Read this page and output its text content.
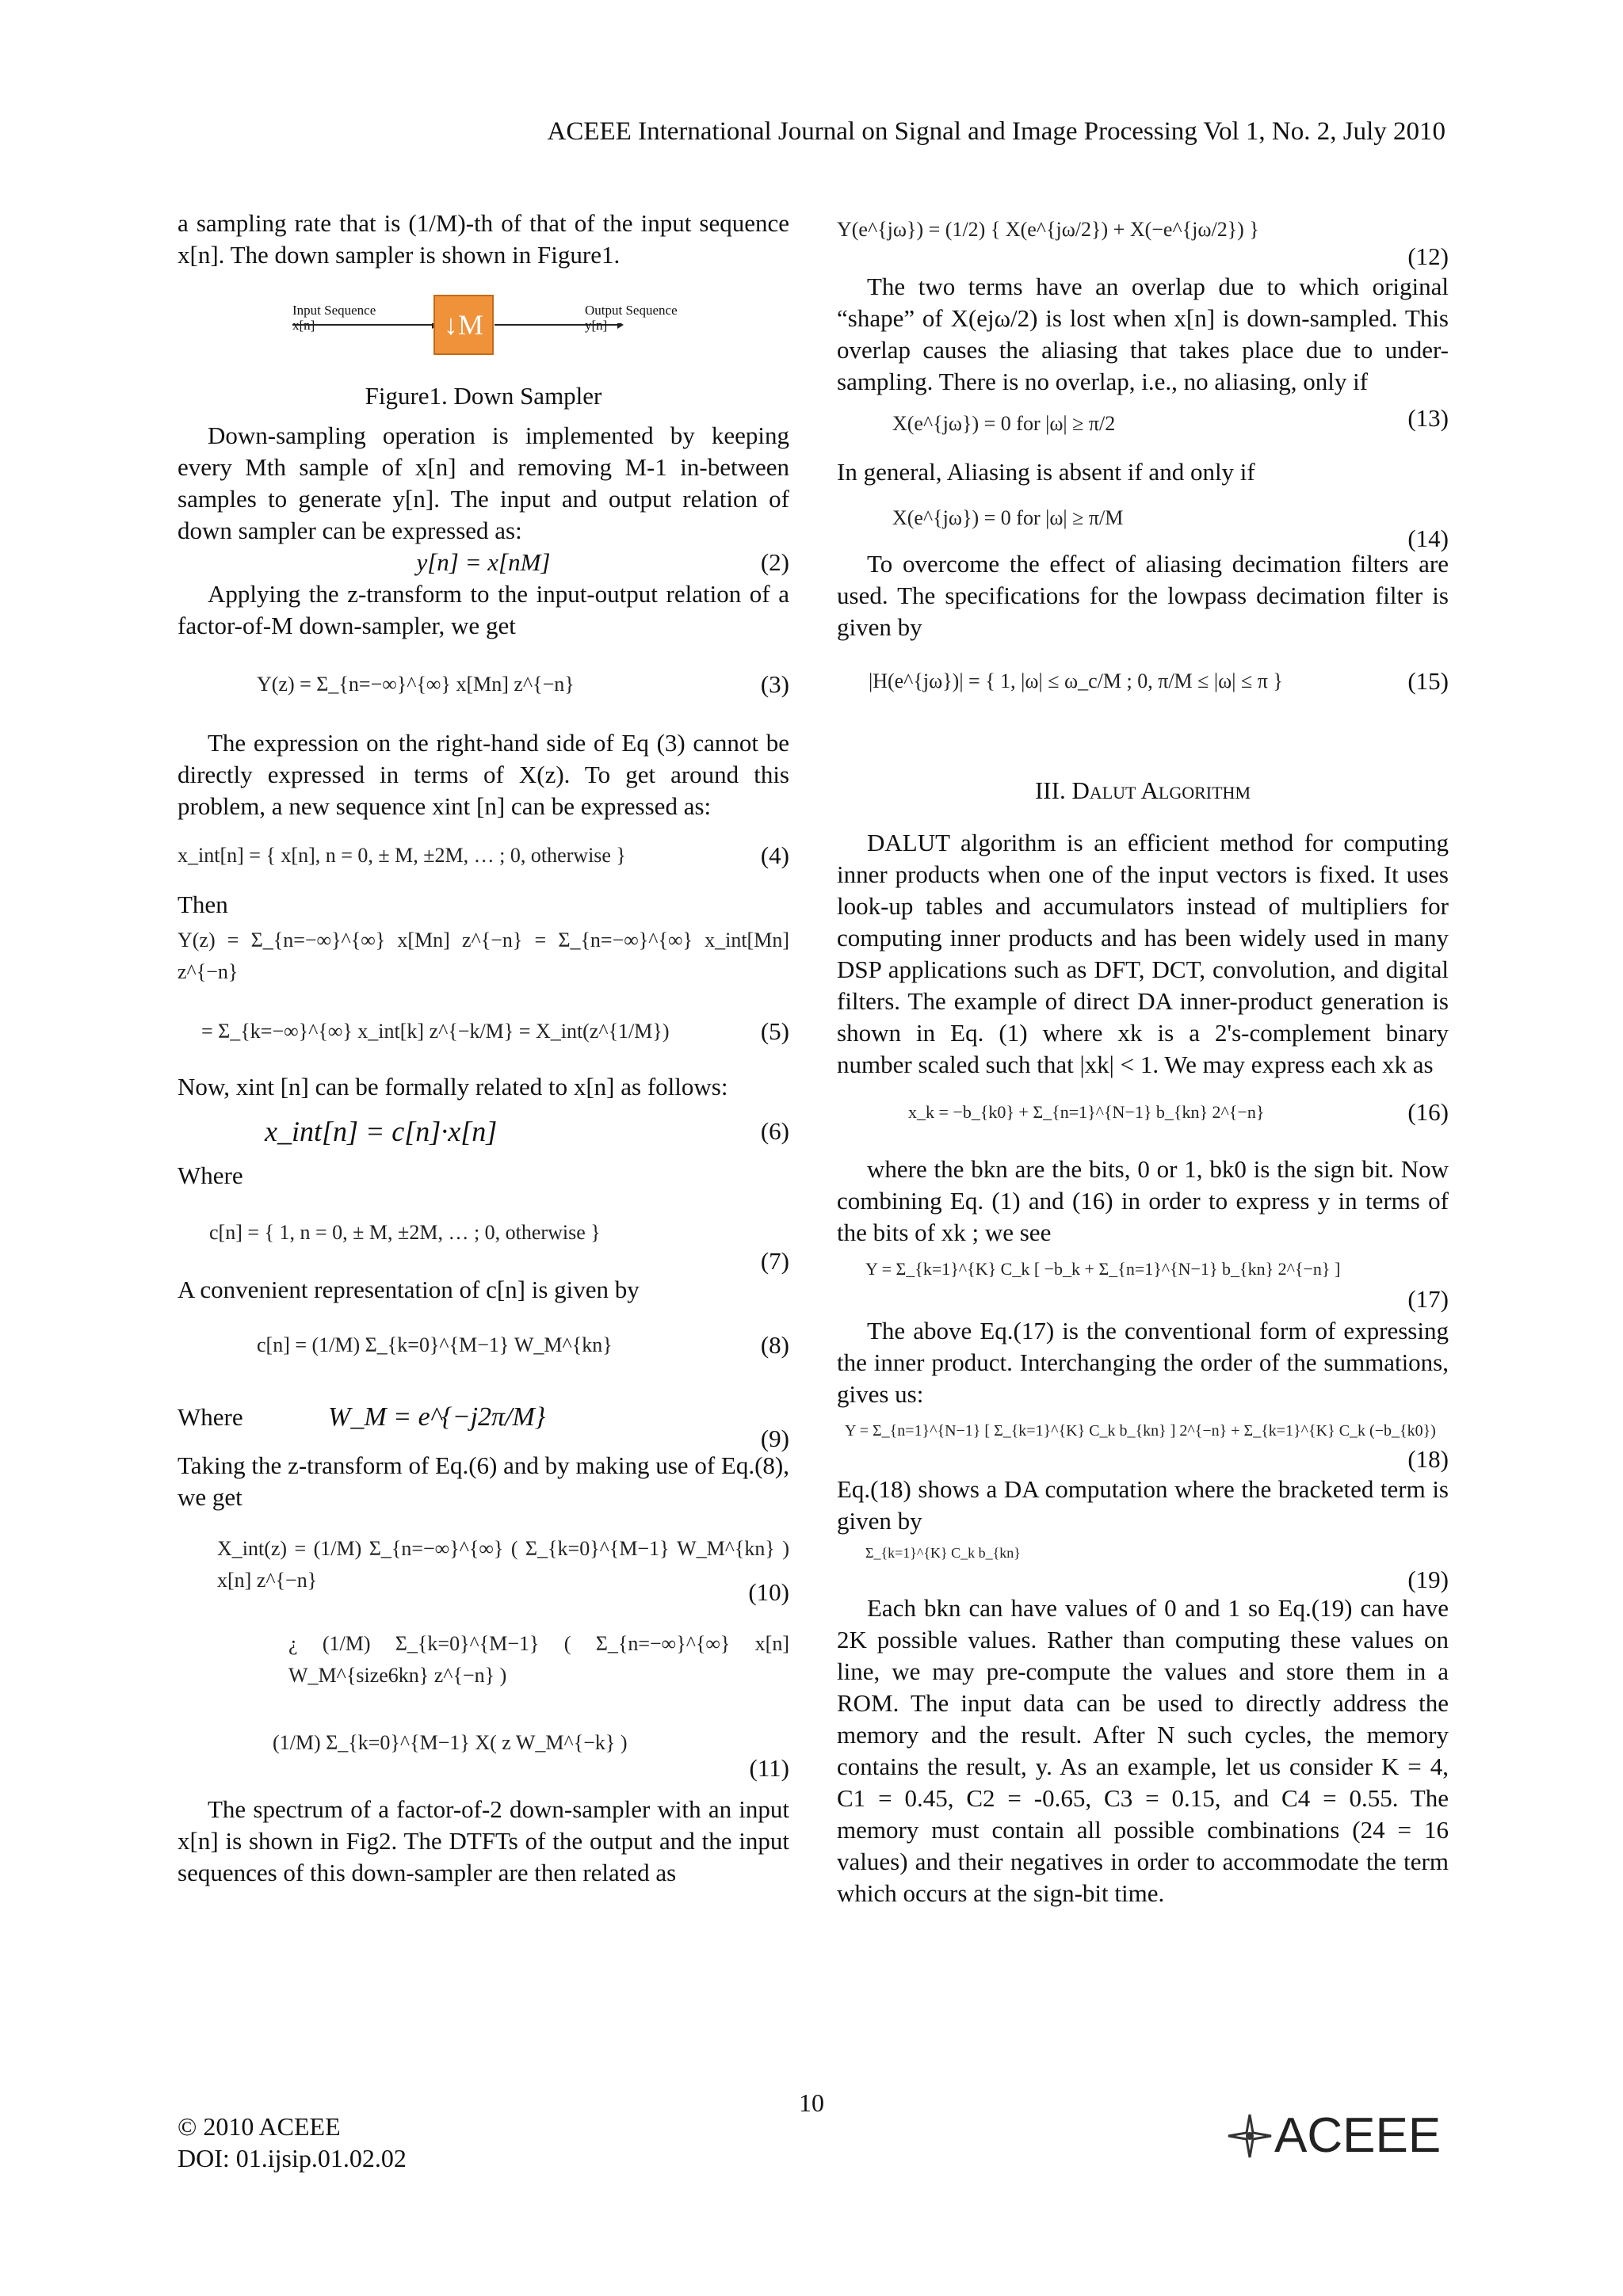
ACEEE International Journal on Signal and Image Processing Vol 1, No. 2, July 2010

a sampling rate that is (1/M)-th of that of the input sequence x[n]. The down sampler is shown in Figure1.

Input Sequence
x[n]	↓M	Output Sequence
y[n]

Figure1. Down Sampler

Down-sampling operation is implemented by keeping every Mth sample of x[n] and removing M-1 in-between samples to generate y[n]. The input and output relation of down sampler can be expressed as:

y[n] = x[nM]	(2)

Applying the z-transform to the input-output relation of a factor-of-M down-sampler, we get

Y(z) = Σ_{n=−∞}^{∞} x[Mn] z^{−n}	(3)

The expression on the right-hand side of Eq (3) cannot be directly expressed in terms of X(z). To get around this problem, a new sequence xint [n] can be expressed as:

x_int[n] = { x[n], n = 0, ± M, ±2M, … ; 0, otherwise }	(4)

Then

Y(z) = Σ_{n=−∞}^{∞} x[Mn] z^{−n} = Σ_{n=−∞}^{∞} x_int[Mn] z^{−n}
= Σ_{k=−∞}^{∞} x_int[k] z^{−k/M} = X_int(z^{1/M})	(5)

Now, xint [n] can be formally related to x[n] as follows:

x_int[n] = c[n]·x[n]	(6)

Where

c[n] = { 1, n = 0, ± M, ±2M, … ; 0, otherwise }
(7)

A convenient representation of c[n] is given by

c[n] = (1/M) Σ_{k=0}^{M−1} W_M^{kn}	(8)
Where	W_M = e^{−j2π/M}
(9)

Taking the z-transform of Eq.(6) and by making use of Eq.(8), we get

X_int(z) = (1/M) Σ_{n=−∞}^{∞} ( Σ_{k=0}^{M−1} W_M^{kn} ) x[n] z^{−n}	(10)
¿ (1/M) Σ_{k=0}^{M−1} ( Σ_{n=−∞}^{∞} x[n] W_M^{size6kn} z^{−n} )
(1/M) Σ_{k=0}^{M−1} X( z W_M^{−k} )
(11)

The spectrum of a factor-of-2 down-sampler with an input x[n] is shown in Fig2. The DTFTs of the output and the input sequences of this down-sampler are then related as

Y(e^{jω}) = (1/2) { X(e^{jω/2}) + X(−e^{jω/2}) }
(12)

The two terms have an overlap due to which original “shape” of X(ejω/2) is lost when x[n] is down-sampled. This overlap causes the aliasing that takes place due to under-sampling. There is no overlap, i.e., no aliasing, only if

X(e^{jω}) = 0 for |ω| ≥ π/2	(13)

In general, Aliasing is absent if and only if

X(e^{jω}) = 0 for |ω| ≥ π/M
(14)

To overcome the effect of aliasing decimation filters are used. The specifications for the lowpass decimation filter is given by

|H(e^{jω})| = { 1, |ω| ≤ ω_c/M ; 0, π/M ≤ |ω| ≤ π }	(15)

III. Dalut Algorithm

DALUT algorithm is an efficient method for computing inner products when one of the input vectors is fixed. It uses look-up tables and accumulators instead of multipliers for computing inner products and has been widely used in many DSP applications such as DFT, DCT, convolution, and digital filters. The example of direct DA inner-product generation is shown in Eq. (1) where xk is a 2's-complement binary number scaled such that |xk| < 1. We may express each xk as

x_k = −b_{k0} + Σ_{n=1}^{N−1} b_{kn} 2^{−n}	(16)

where the bkn are the bits, 0 or 1, bk0 is the sign bit. Now combining Eq. (1) and (16) in order to express y in terms of the bits of xk ; we see

Y = Σ_{k=1}^{K} C_k [ −b_k + Σ_{n=1}^{N−1} b_{kn} 2^{−n} ]
(17)

The above Eq.(17) is the conventional form of expressing the inner product. Interchanging the order of the summations, gives us:

Y = Σ_{n=1}^{N−1} [ Σ_{k=1}^{K} C_k b_{kn} ] 2^{−n} + Σ_{k=1}^{K} C_k (−b_{k0})
(18)

Eq.(18) shows a DA computation where the bracketed term is given by

Σ_{k=1}^{K} C_k b_{kn}
(19)

Each bkn can have values of 0 and 1 so Eq.(19) can have 2K possible values. Rather than computing these values on line, we may pre-compute the values and store them in a ROM. The input data can be used to directly address the memory and the result. After N such cycles, the memory contains the result, y. As an example, let us consider K = 4, C1 = 0.45, C2 = -0.65, C3 = 0.15, and C4 = 0.55. The memory must contain all possible combinations (24 = 16 values) and their negatives in order to accommodate the term which occurs at the sign-bit time.

10
© 2010 ACEEE
DOI: 01.ijsip.01.02.02	ACEEE
